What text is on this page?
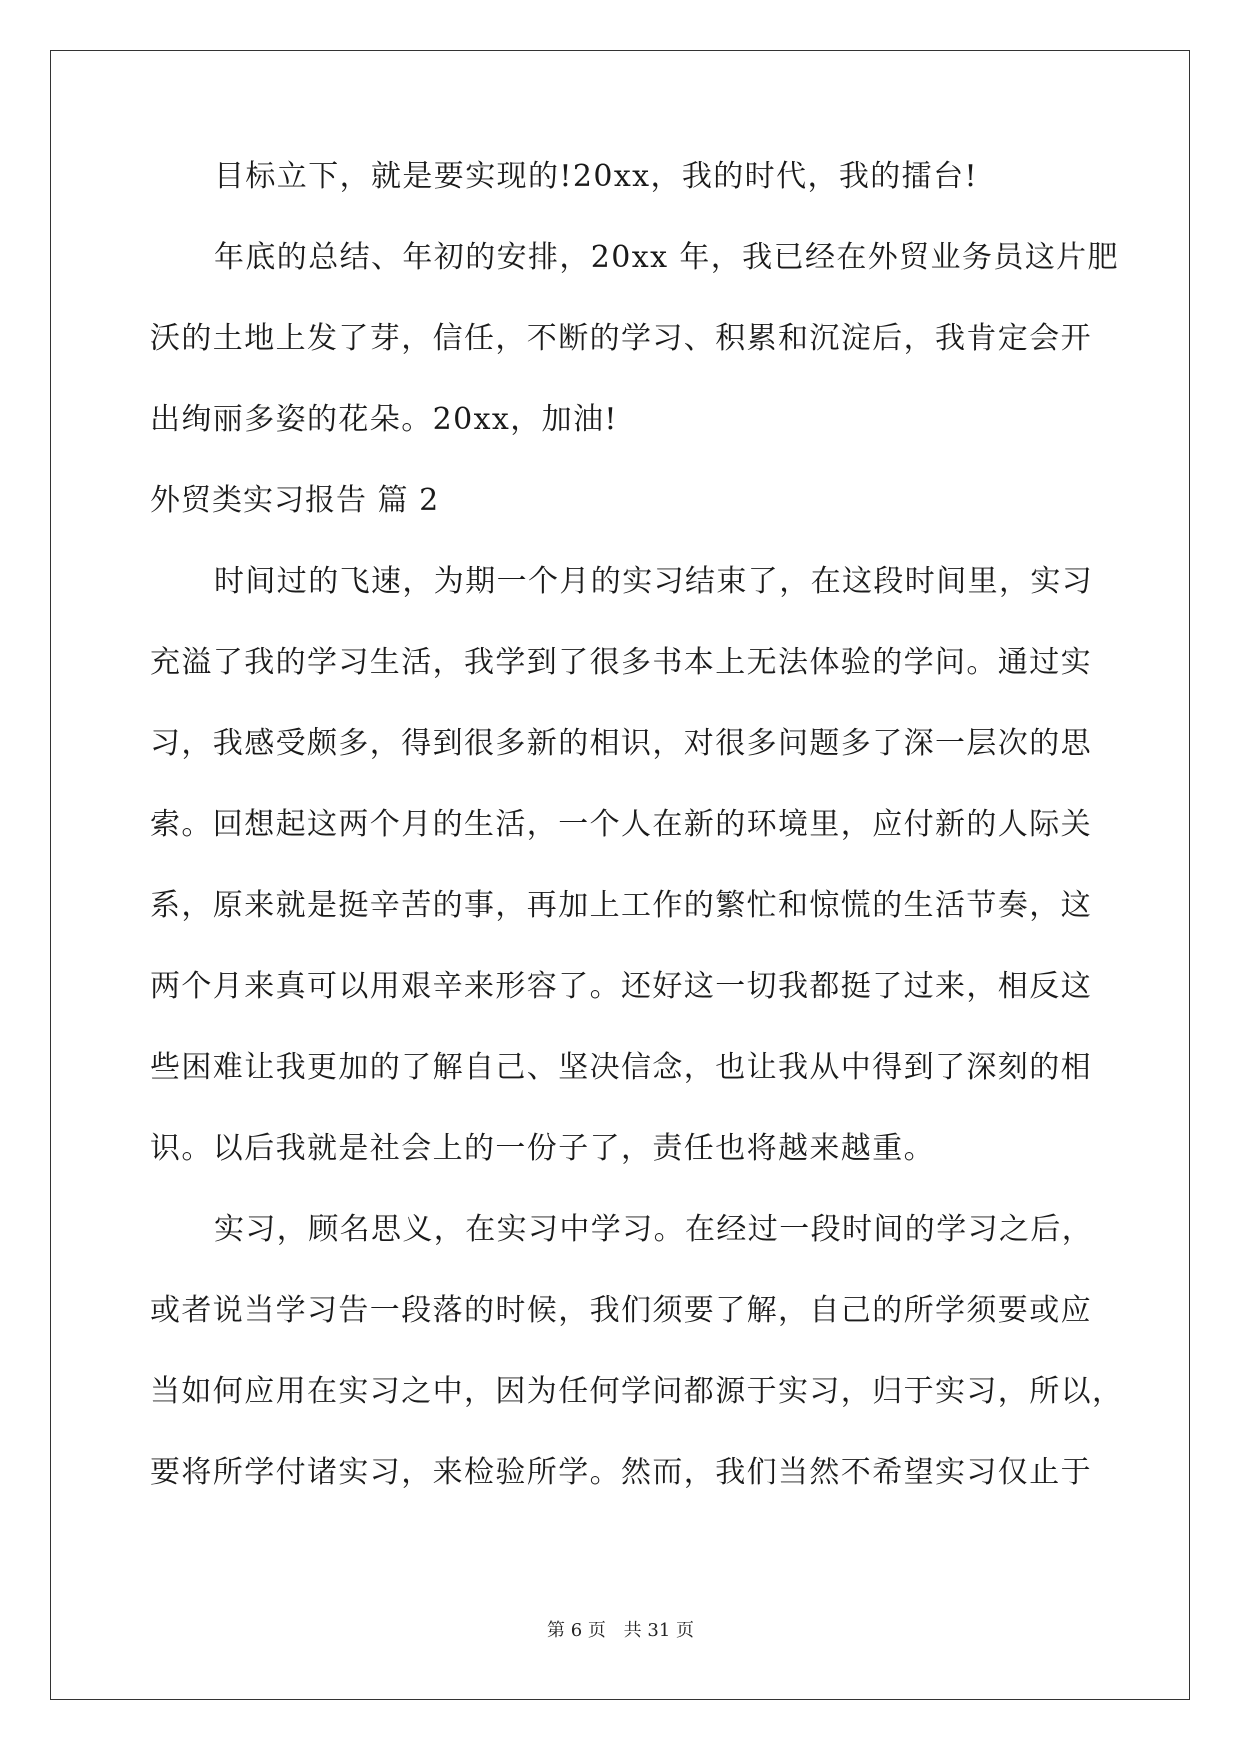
目标立下，就是要实现的!20xx，我的时代，我的擂台!

年底的总结、年初的安排，20xx 年，我已经在外贸业务员这片肥

沃的土地上发了芽，信任，不断的学习、积累和沉淀后，我肯定会开

出绚丽多姿的花朵。20xx，加油!

外贸类实习报告 篇 2

时间过的飞速，为期一个月的实习结束了，在这段时间里，实习

充溢了我的学习生活，我学到了很多书本上无法体验的学问。通过实

习，我感受颇多，得到很多新的相识，对很多问题多了深一层次的思

索。回想起这两个月的生活，一个人在新的环境里，应付新的人际关

系，原来就是挺辛苦的事，再加上工作的繁忙和惊慌的生活节奏，这

两个月来真可以用艰辛来形容了。还好这一切我都挺了过来，相反这

些困难让我更加的了解自己、坚决信念，也让我从中得到了深刻的相

识。以后我就是社会上的一份子了，责任也将越来越重。

实习，顾名思义，在实习中学习。在经过一段时间的学习之后，

或者说当学习告一段落的时候，我们须要了解，自己的所学须要或应

当如何应用在实习之中，因为任何学问都源于实习，归于实习，所以，

要将所学付诸实习，来检验所学。然而，我们当然不希望实习仅止于

第 6 页 共 31 页
